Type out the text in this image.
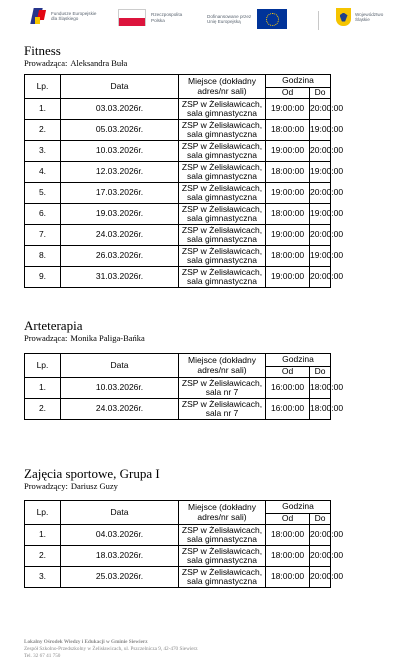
Fundusze Europejskie
dla Śląskiego
Rzeczpospolita
Polska
Dofinansowane przez
Unię Europejską
Województwo
Śląskie
Fitness
Prowadząca: Aleksandra Buła
Lp.	Data	Miejsce (dokładny
adres/nr sali)	Godzina	
			Od	Do
1.	03.03.2026r.	ZSP w Żelisławicach,
sala gimnastyczna	19:00:00	20:00:00
2.	05.03.2026r.	ZSP w Żelisławicach,
sala gimnastyczna	18:00:00	19:00:00
3.	10.03.2026r.	ZSP w Żelisławicach,
sala gimnastyczna	19:00:00	20:00:00
4.	12.03.2026r.	ZSP w Żelisławicach,
sala gimnastyczna	18:00:00	19:00:00
5.	17.03.2026r.	ZSP w Żelisławicach,
sala gimnastyczna	19:00:00	20:00:00
6.	19.03.2026r.	ZSP w Żelisławicach,
sala gimnastyczna	18:00:00	19:00:00
7.	24.03.2026r.	ZSP w Żelisławicach,
sala gimnastyczna	19:00:00	20:00:00
8.	26.03.2026r.	ZSP w Żelisławicach,
sala gimnastyczna	18:00:00	19:00:00
9.	31.03.2026r.	ZSP w Żelisławicach,
sala gimnastyczna	19:00:00	20:00:00
Arteterapia
Prowadząca: Monika Paliga-Bańka
Lp.	Data	Miejsce (dokładny
adres/nr sali)	Godzina	
			Od	Do
1.	10.03.2026r.	ZSP w Żelisławicach,
sala nr 7	16:00:00	18:00:00
2.	24.03.2026r.	ZSP w Żelisławicach,
sala nr 7	16:00:00	18:00:00
Zajęcia sportowe, Grupa I
Prowadzący: Dariusz Guzy
Lp.	Data	Miejsce (dokładny
adres/nr sali)	Godzina	
			Od	Do
1.	04.03.2026r.	ZSP w Żelisławicach,
sala gimnastyczna	18:00:00	20:00:00
2.	18.03.2026r.	ZSP w Żelisławicach,
sala gimnastyczna	18:00:00	20:00:00
3.	25.03.2026r.	ZSP w Żelisławicach,
sala gimnastyczna	18:00:00	20:00:00
Lokalny Ośrodek Wiedzy i Edukacji w Gminie Siewierz
Zespół Szkolno-Przedszkolny w Żelisławicach, ul. Pszczelnicza 9, 42-470 Siewierz
Tel. 32 67 41 750
